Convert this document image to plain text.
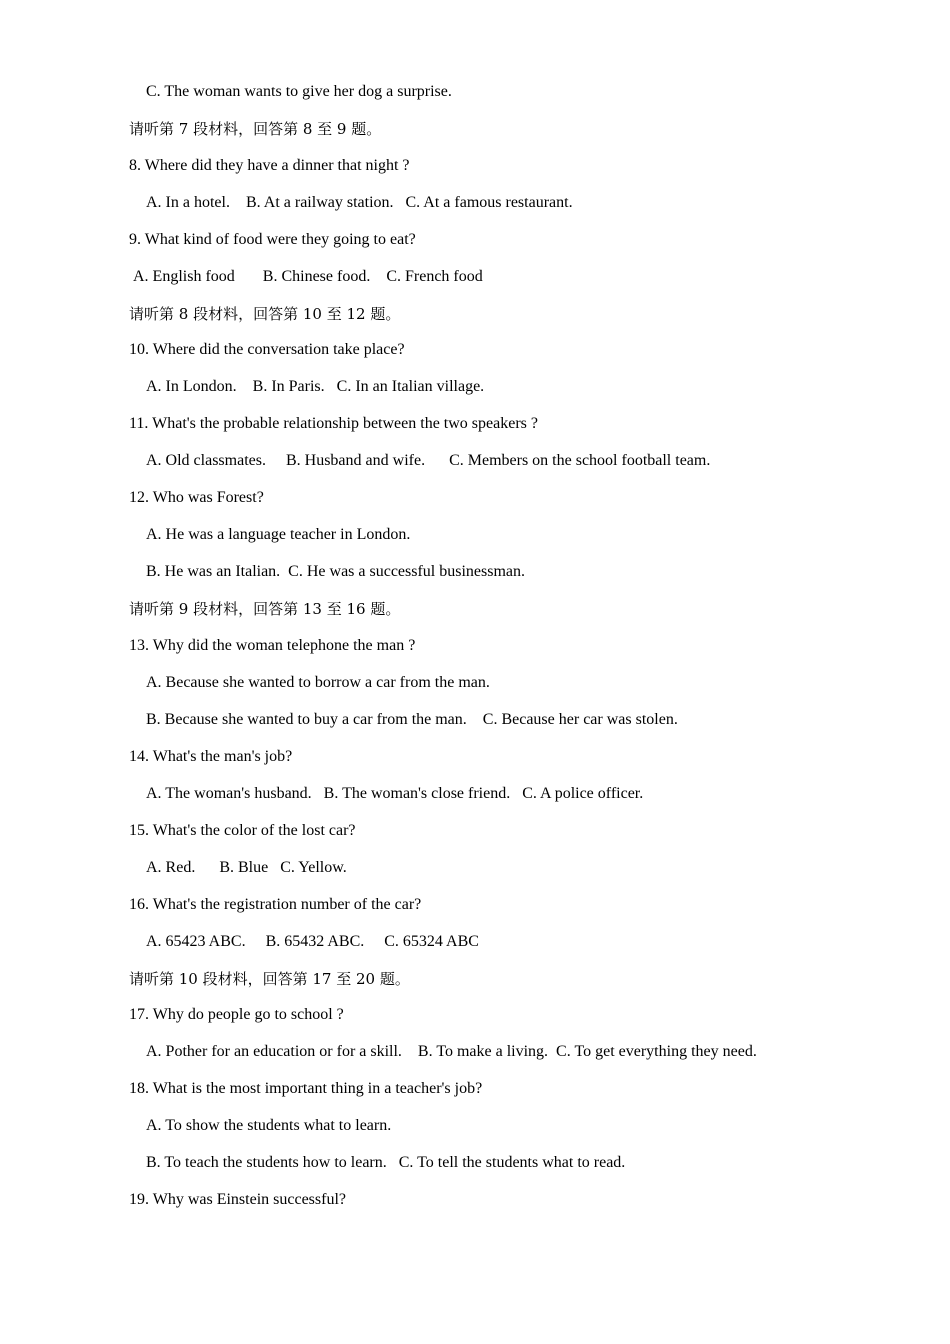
C. The woman wants to give her dog a surprise.
请听第 7 段材料，回答第 8 至 9 题。
8. Where did they have a dinner that night ?
A. In a hotel.    B. At a railway station.   C. At a famous restaurant.
9. What kind of food were they going to eat?
A. English food       B. Chinese food.    C. French food
请听第 8 段材料，回答第 10 至 12 题。
10. Where did the conversation take place?
A. In London.    B. In Paris.   C. In an Italian village.
11. What's the probable relationship between the two speakers ?
A. Old classmates.     B. Husband and wife.      C. Members on the school football team.
12. Who was Forest?
A. He was a language teacher in London.
B. He was an Italian.  C. He was a successful businessman.
请听第 9 段材料，回答第 13 至 16 题。
13. Why did the woman telephone the man ?
A. Because she wanted to borrow a car from the man.
B. Because she wanted to buy a car from the man.    C. Because her car was stolen.
14. What's the man's job?
A. The woman's husband.   B. The woman's close friend.   C. A police officer.
15. What's the color of the lost car?
A. Red.      B. Blue   C. Yellow.
16. What's the registration number of the car?
A. 65423 ABC.     B. 65432 ABC.     C. 65324 ABC
请听第 10 段材料，回答第 17 至 20 题。
17. Why do people go to school ?
A. Pother for an education or for a skill.    B. To make a living.  C. To get everything they need.
18. What is the most important thing in a teacher's job?
A. To show the students what to learn.
B. To teach the students how to learn.   C. To tell the students what to read.
19. Why was Einstein successful?
